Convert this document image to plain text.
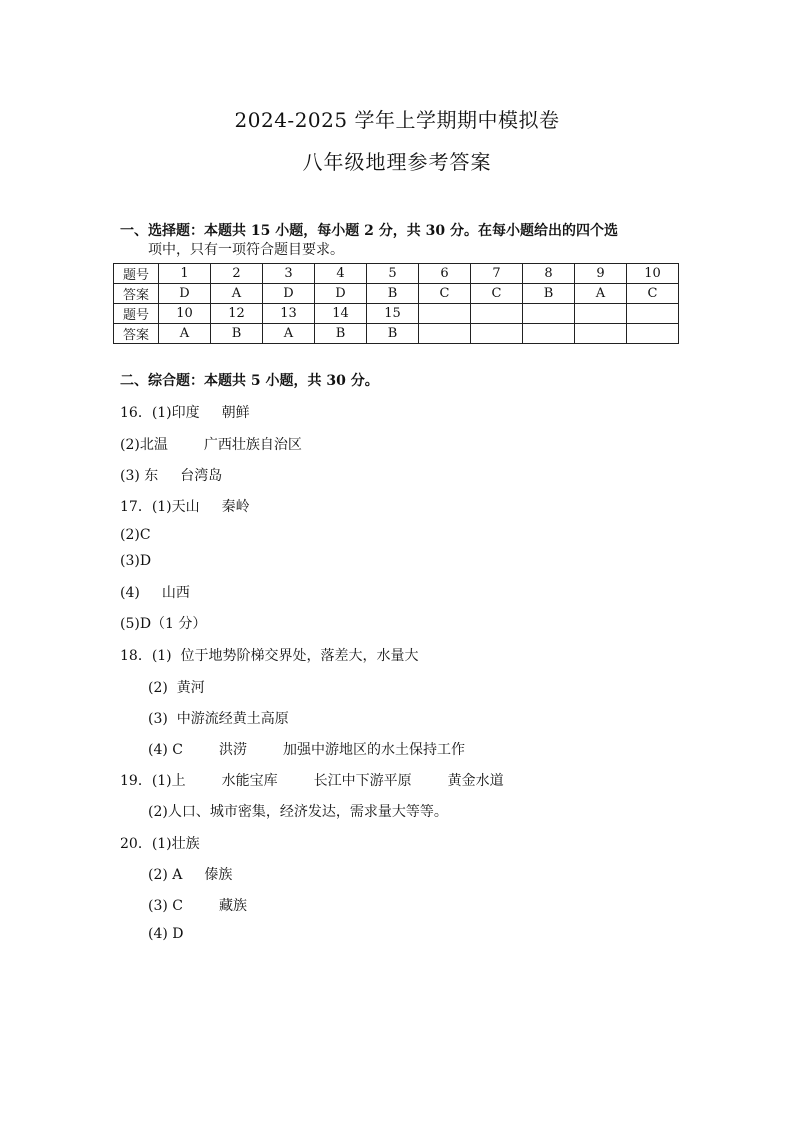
2024-2025 学年上学期期中模拟卷
八年级地理参考答案
一、选择题：本题共 15 小题，每小题 2 分，共 30 分。在每小题给出的四个选
项中，只有一项符合题目要求。
题号	1	2	3	4	5	6	7	8	9	10
答案	D	A	D	D	B	C	C	B	A	C
题号	10	12	13	14	15					
答案	A	B	A	B	B					
二、综合题：本题共 5 小题，共 30 分。
16．(1)印度 朝鲜
(2)北温	广西壮族自治区
(3) 东 台湾岛
17．(1)天山 秦岭
(2)C
(3)D
(4) 山西
(5)D（1 分）
18．(1)  位于地势阶梯交界处，落差大，水量大
(2)  黄河
(3)  中游流经黄土高原
(4) C	洪涝	加强中游地区的水土保持工作
19．(1)上	水能宝库	长江中下游平原	黄金水道
(2)人口、城市密集，经济发达，需求量大等等。
20．(1)壮族
(2) A 傣族
(3) C	藏族
(4) D
